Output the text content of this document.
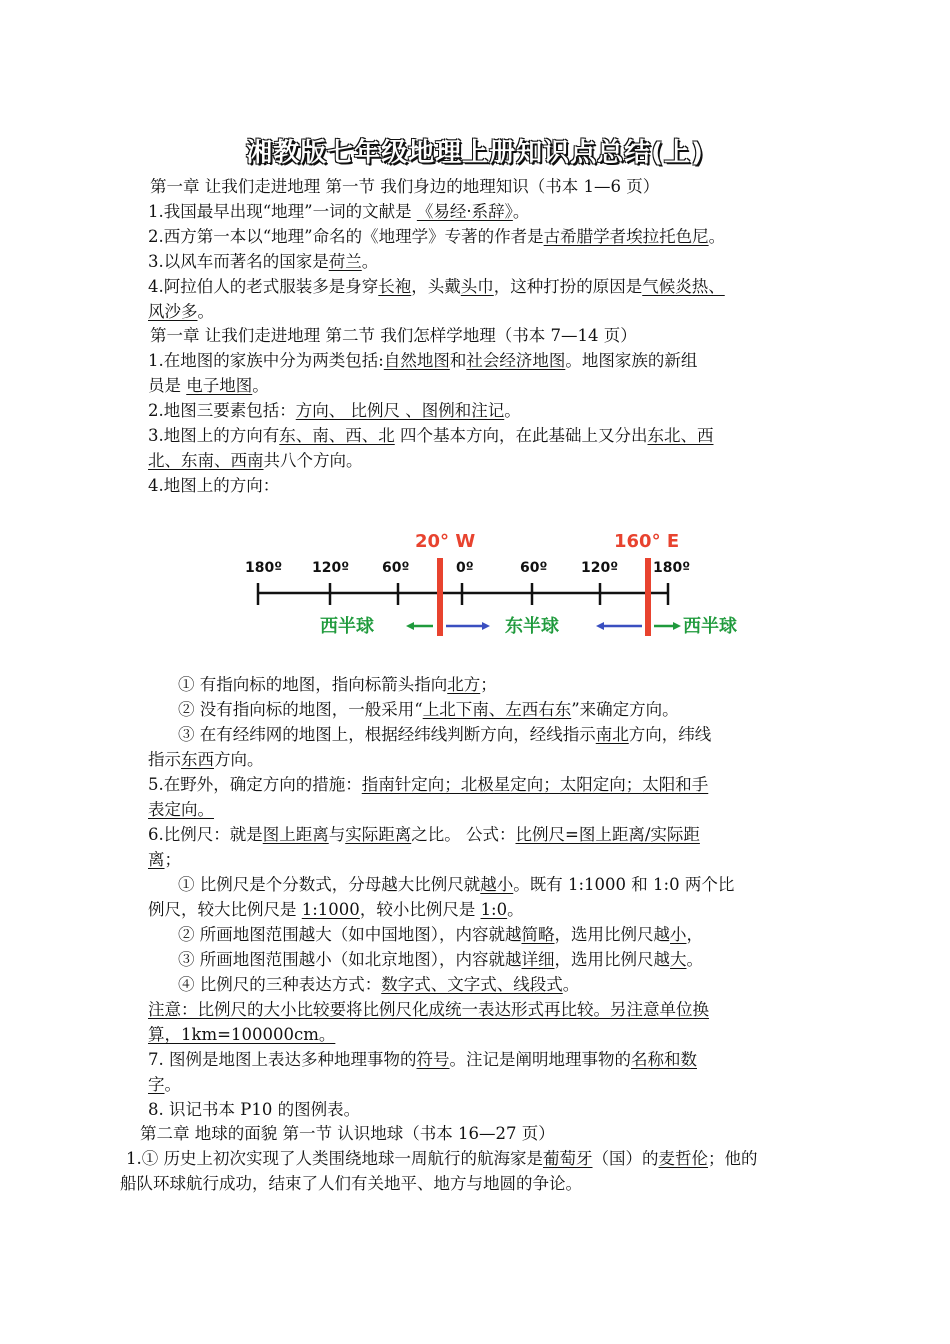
湘教版七年级地理上册知识点总结(上)
第一章 让我们走进地理 第一节 我们身边的地理知识（书本 1—6 页）
1.我国最早出现“地理”一词的文献是 《易经·系辞》。
2.西方第一本以“地理”命名的《地理学》专著的作者是古希腊学者埃拉托色尼。
3.以风车而著名的国家是荷兰。
4.阿拉伯人的老式服装多是身穿长袍，头戴头巾，这种打扮的原因是气候炎热、
风沙多。
第一章 让我们走进地理 第二节 我们怎样学地理（书本 7—14 页）
1.在地图的家族中分为两类包括:自然地图和社会经济地图。地图家族的新组
员是 电子地图。
2.地图三要素包括：方向、 比例尺 、图例和注记。
3.地图上的方向有东、南、西、北 四个基本方向，在此基础上又分出东北、西
北、东南、西南共八个方向。
4.地图上的方向：
20° W	160° E
180º 120º 60º	0º	60º 120º 180º
西半球	东半球	西半球
① 有指向标的地图，指向标箭头指向北方；
② 没有指向标的地图，一般采用“上北下南、左西右东”来确定方向。
③ 在有经纬网的地图上，根据经纬线判断方向，经线指示南北方向，纬线
指示东西方向。
5.在野外，确定方向的措施：指南针定向；北极星定向；太阳定向；太阳和手
表定向。
6.比例尺：就是图上距离与实际距离之比。 公式：比例尺=图上距离/实际距
离；
① 比例尺是个分数式，分母越大比例尺就越小。既有 1:1000 和 1:0 两个比
例尺，较大比例尺是 1:1000，较小比例尺是 1:0。
② 所画地图范围越大（如中国地图），内容就越简略，选用比例尺越小，
③ 所画地图范围越小（如北京地图），内容就越详细，选用比例尺越大。
④ 比例尺的三种表达方式：数字式、文字式、线段式。
注意：比例尺的大小比较要将比例尺化成统一表达形式再比较。另注意单位换
算，1km=100000cm。
7. 图例是地图上表达多种地理事物的符号。注记是阐明地理事物的名称和数
字。
8. 识记书本 P10 的图例表。
第二章 地球的面貌 第一节 认识地球（书本 16—27 页）
1.① 历史上初次实现了人类围绕地球一周航行的航海家是葡萄牙（国）的麦哲伦；他的
船队环球航行成功，结束了人们有关地平、地方与地圆的争论。
